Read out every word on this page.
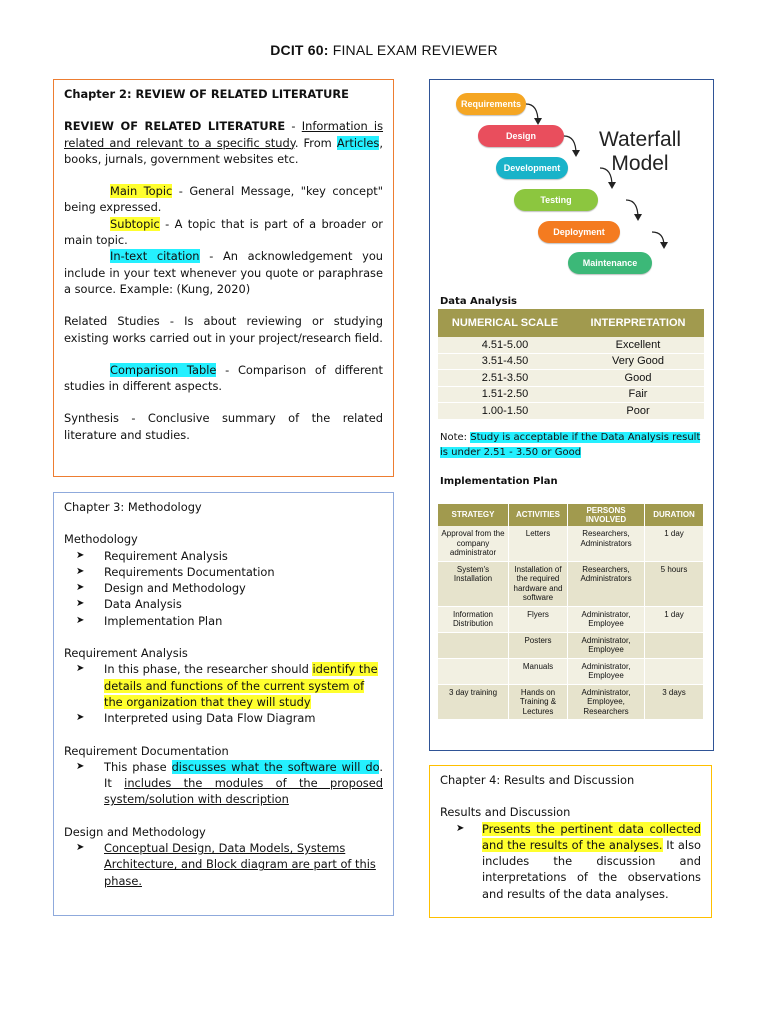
DCIT 60: FINAL EXAM REVIEWER

Chapter 2: REVIEW OF RELATED LITERATURE

REVIEW OF RELATED LITERATURE - Information is related and relevant to a specific study. From Articles, books, jurnals, government websites etc.

Main Topic - General Message, "key concept" being expressed.

Subtopic - A topic that is part of a broader or main topic.

In-text citation - An acknowledgement you include in your text whenever you quote or paraphrase a source. Example: (Kung, 2020)

Related Studies - Is about reviewing or studying existing works carried out in your project/research field.

Comparison Table - Comparison of different studies in different aspects.

Synthesis - Conclusive summary of the related literature and studies.

Chapter 3: Methodology

Methodology

➤ Requirement Analysis
➤ Requirements Documentation
➤ Design and Methodology
➤ Data Analysis
➤ Implementation Plan

Requirement Analysis

➤ In this phase, the researcher should identify the details and functions of the current system of the organization that they will study
➤ Interpreted using Data Flow Diagram

Requirement Documentation

➤ This phase discusses what the software will do. It includes the modules of the proposed system/solution with description

Design and Methodology

➤ Conceptual Design, Data Models, Systems Architecture, and Block diagram are part of this phase.
Requirements
Design
Development
Testing
Deployment
Maintenance
Waterfall
Model
Data Analysis
NUMERICAL SCALE	INTERPRETATION
4.51-5.00	Excellent
3.51-4.50	Very Good
2.51-3.50	Good
1.51-2.50	Fair
1.00-1.50	Poor
Note: Study is acceptable if the Data Analysis result is under 2.51 - 3.50 or Good
Implementation Plan
STRATEGY	ACTIVITIES	PERSONS INVOLVED	DURATION
Approval from the company administrator	Letters	Researchers, Administrators	1 day
System's Installation	Installation of the required hardware and software	Researchers, Administrators	5 hours
Information Distribution	Flyers	Administrator, Employee	1 day
	Posters	Administrator, Employee	
	Manuals	Administrator, Employee	
3 day training	Hands on Training & Lectures	Administrator, Employee, Researchers	3 days

Chapter 4: Results and Discussion

Results and Discussion

➤ Presents the pertinent data collected and the results of the analyses. It also includes the discussion and interpretations of the observations and results of the data analyses.
